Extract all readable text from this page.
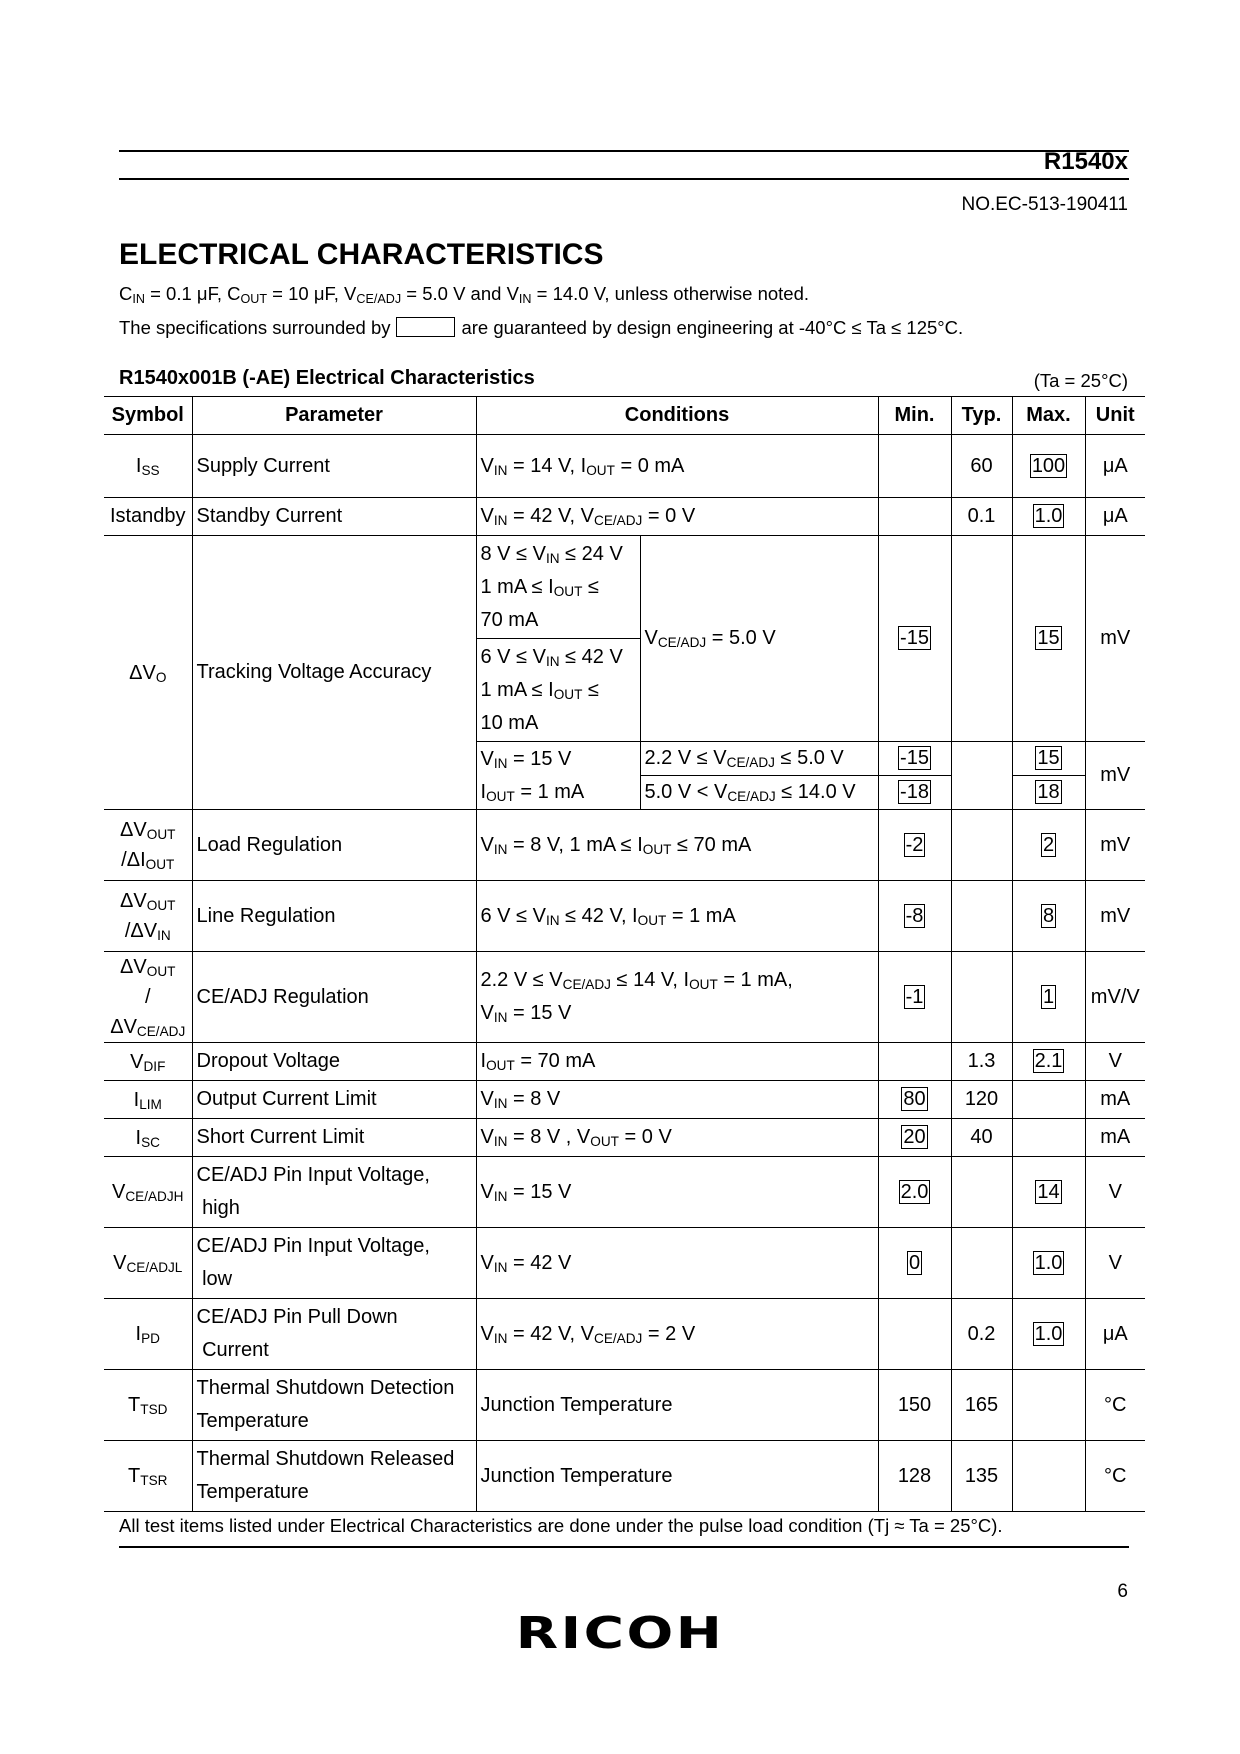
R1540x
NO.EC-513-190411
ELECTRICAL CHARACTERISTICS
$C_{IN} = 0.1$ μF, $C_{OUT} = 10$ μF, $V_{CE/ADJ} = 5.0$ V and $V_{IN} = 14.0$ V, unless otherwise noted.
The specifications surrounded by	are guaranteed by design engineering at -40°C ≤ Ta ≤ 125°C.
R1540x001B (-AE) Electrical Characteristics	(Ta = 25°C)
Symbol	Parameter	Conditions		Min.	Typ.	Max.	Unit
$I_{SS}$	Supply Current	$V_{IN} = 14$ V, $I_{OUT} = 0$ mA			60	100	μA
Istandby	Standby Current	$V_{IN} = 42$ V, $V_{CE/ADJ} = 0$ V			0.1	1.0	μA
$\Delta V_O$	Tracking Voltage Accuracy	8 $V \le V_{IN} \le 24$ V
1 mA ≤ $I_{OUT}$ ≤
70 mA	$V_{CE/ADJ} = 5.0$ V	-15		15	mV
		6 $V \le V_{IN} \le 42$ V
1 mA ≤ $I_{OUT}$ ≤
10 mA					
		$V_{IN} = 15$ V
$I_{OUT} = 1$ mA	2.2 $V \le V_{CE/ADJ} \le 5.0$ V	-15		15	mV
			5.0 $V < V_{CE/ADJ} \le 14.0$ V	-18		18	
$\Delta V_{OUT}$
$/\Delta I_{OUT}$	Load Regulation	$V_{IN} = 8$ V, 1 mA ≤ $I_{OUT} \le 70$ mA		-2		2	mV
$\Delta V_{OUT}$
$/\Delta V_{IN}$	Line Regulation	6 $V \le V_{IN} \le 42$ V, $I_{OUT} = 1$ mA		-8		8	mV
$\Delta V_{OUT}$
$/\Delta V_{CE/ADJ}$	CE/ADJ Regulation	2.2 $V \le V_{CE/ADJ} \le 14$ V, $I_{OUT} = 1$ mA,
$V_{IN} = 15$ V		-1		1	mV/V
$V_{DIF}$	Dropout Voltage	$I_{OUT} = 70$ mA			1.3	2.1	V
$I_{LIM}$	Output Current Limit	$V_{IN} = 8$ V		80	120		mA
$I_{SC}$	Short Current Limit	$V_{IN} = 8$ V , $V_{OUT} = 0$ V		20	40		mA
$V_{CE/ADJH}$	CE/ADJ Pin Input Voltage,
high	$V_{IN} = 15$ V		2.0		14	V
$V_{CE/ADJL}$	CE/ADJ Pin Input Voltage,
low	$V_{IN} = 42$ V		0		1.0	V
$I_{PD}$	CE/ADJ Pin Pull Down
Current	$V_{IN} = 42$ V, $V_{CE/ADJ} = 2$ V			0.2	1.0	μA
$T_{TSD}$	Thermal Shutdown Detection
Temperature	Junction Temperature		150	165		°C
$T_{TSR}$	Thermal Shutdown Released
Temperature	Junction Temperature		128	135		°C
All test items listed under Electrical Characteristics are done under the pulse load condition (Tj ≈ Ta = 25°C).
6
RICOH
